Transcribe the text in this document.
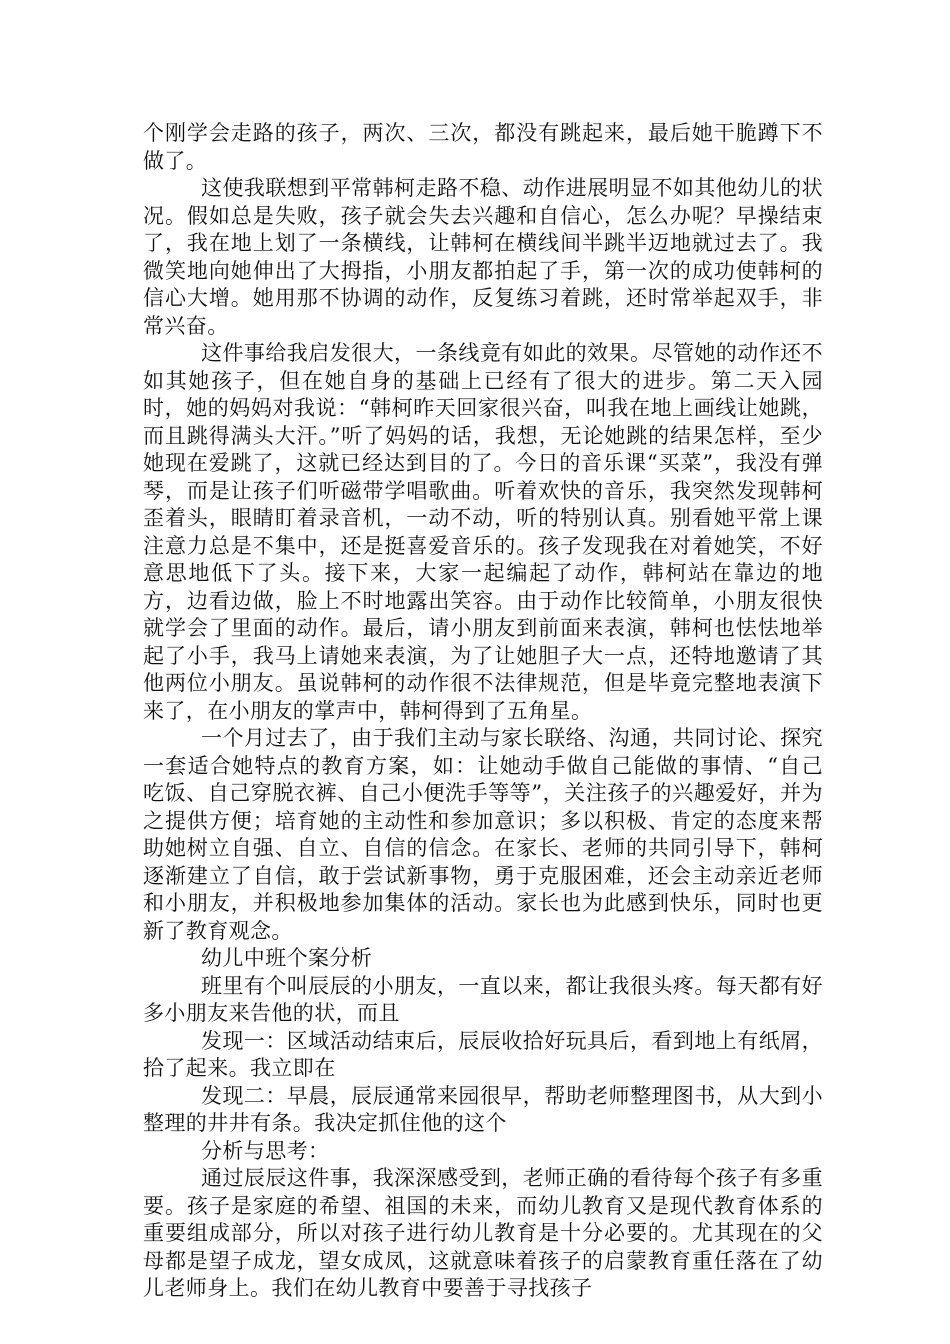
个刚学会走路的孩子，两次、三次，都没有跳起来，最后她干脆蹲下不做了。

这使我联想到平常韩柯走路不稳、动作进展明显不如其他幼儿的状况。假如总是失败，孩子就会失去兴趣和自信心，怎么办呢？早操结束了，我在地上划了一条横线，让韩柯在横线间半跳半迈地就过去了。我微笑地向她伸出了大拇指，小朋友都拍起了手，第一次的成功使韩柯的信心大增。她用那不协调的动作，反复练习着跳，还时常举起双手，非常兴奋。

这件事给我启发很大，一条线竟有如此的效果。尽管她的动作还不如其她孩子，但在她自身的基础上已经有了很大的进步。第二天入园时，她的妈妈对我说：“韩柯昨天回家很兴奋，叫我在地上画线让她跳，而且跳得满头大汗。”听了妈妈的话，我想，无论她跳的结果怎样，至少她现在爱跳了，这就已经达到目的了。今日的音乐课“买菜”，我没有弹琴，而是让孩子们听磁带学唱歌曲。听着欢快的音乐，我突然发现韩柯歪着头，眼睛盯着录音机，一动不动，听的特别认真。别看她平常上课注意力总是不集中，还是挺喜爱音乐的。孩子发现我在对着她笑，不好意思地低下了头。接下来，大家一起编起了动作，韩柯站在靠边的地方，边看边做，脸上不时地露出笑容。由于动作比较简单，小朋友很快就学会了里面的动作。最后，请小朋友到前面来表演，韩柯也怯怯地举起了小手，我马上请她来表演，为了让她胆子大一点，还特地邀请了其他两位小朋友。虽说韩柯的动作很不法律规范，但是毕竟完整地表演下来了，在小朋友的掌声中，韩柯得到了五角星。

一个月过去了，由于我们主动与家长联络、沟通，共同讨论、探究一套适合她特点的教育方案，如：让她动手做自己能做的事情、“自己 吃饭、自己穿脱衣裤、自己小便洗手等等”，关注孩子的兴趣爱好，并为之提供方便；培育她的主动性和参加意识；多以积极、肯定的态度来帮助她树立自强、自立、自信的信念。在家长、老师的共同引导下，韩柯逐渐建立了自信，敢于尝试新事物，勇于克服困难，还会主动亲近老师和小朋友，并积极地参加集体的活动。家长也为此感到快乐，同时也更新了教育观念。

幼儿中班个案分析

班里有个叫辰辰的小朋友，一直以来，都让我很头疼。每天都有好多小朋友来告他的状，而且

发现一：区域活动结束后，辰辰收拾好玩具后，看到地上有纸屑，拾了起来。我立即在

发现二：早晨，辰辰通常来园很早，帮助老师整理图书，从大到小整理的井井有条。我决定抓住他的这个

分析与思考：

通过辰辰这件事，我深深感受到，老师正确的看待每个孩子有多重要。孩子是家庭的希望、祖国的未来，而幼儿教育又是现代教育体系的重要组成部分，所以对孩子进行幼儿教育是十分必要的。尤其现在的父母都是望子成龙，望女成凤，这就意味着孩子的启蒙教育重任落在了幼儿老师身上。我们在幼儿教育中要善于寻找孩子
